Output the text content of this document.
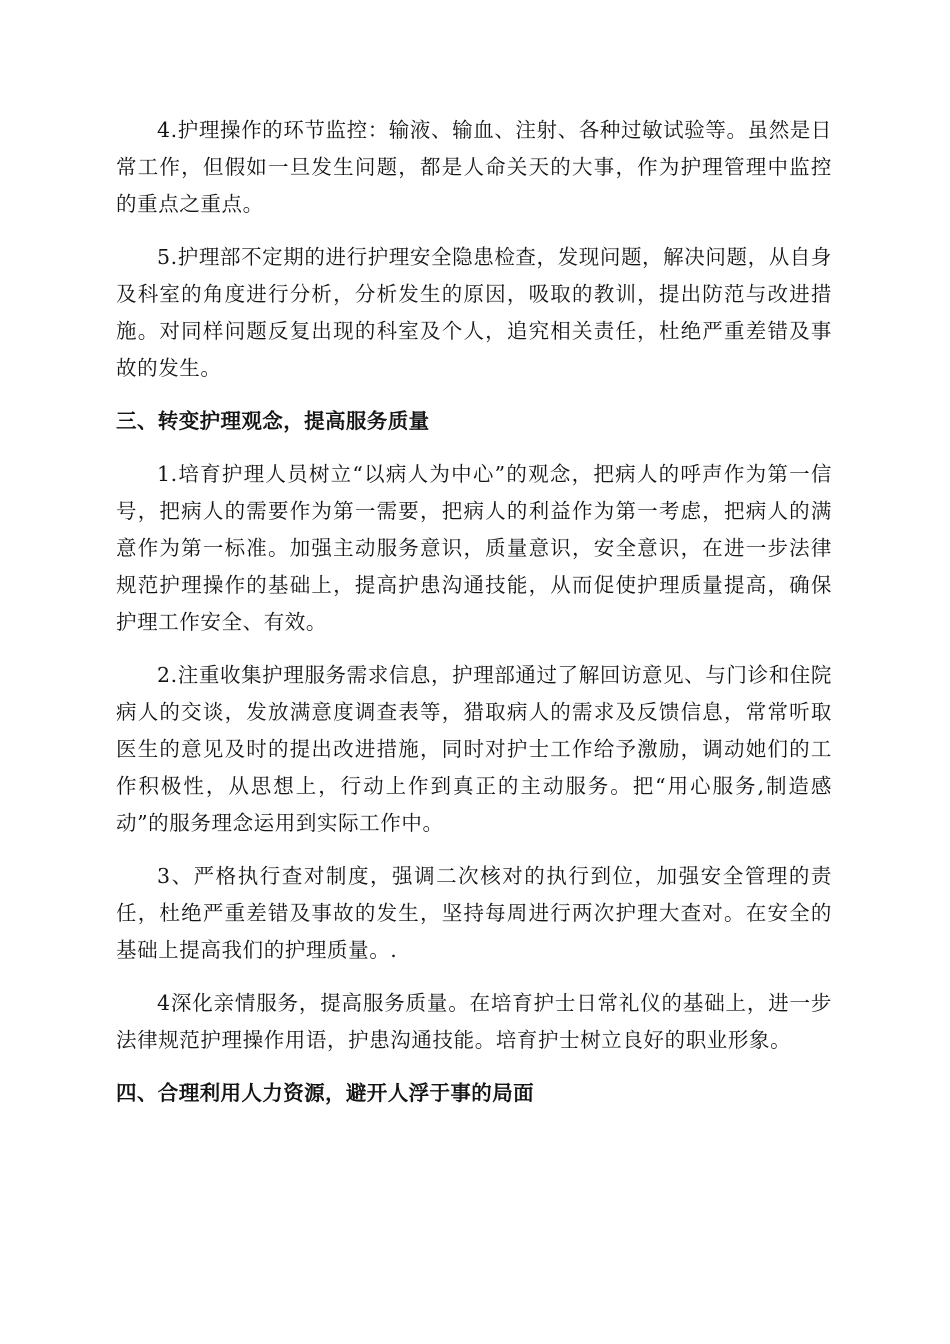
4.护理操作的环节监控：输液、输血、注射、各种过敏试验等。虽然是日常工作，但假如一旦发生问题，都是人命关天的大事，作为护理管理中监控的重点之重点。

5.护理部不定期的进行护理安全隐患检查，发现问题，解决问题，从自身及科室的角度进行分析，分析发生的原因，吸取的教训，提出防范与改进措施。对同样问题反复出现的科室及个人，追究相关责任，杜绝严重差错及事故的发生。

三、转变护理观念，提高服务质量

1.培育护理人员树立“以病人为中心”的观念，把病人的呼声作为第一信号，把病人的需要作为第一需要，把病人的利益作为第一考虑，把病人的满意作为第一标准。加强主动服务意识，质量意识，安全意识，在进一步法律规范护理操作的基础上，提高护患沟通技能，从而促使护理质量提高，确保护理工作安全、有效。

2.注重收集护理服务需求信息，护理部通过了解回访意见、与门诊和住院病人的交谈，发放满意度调查表等，猎取病人的需求及反馈信息，常常听取医生的意见及时的提出改进措施，同时对护士工作给予激励，调动她们的工作积极性，从思想上，行动上作到真正的主动服务。把“用心服务,制造感动”的服务理念运用到实际工作中。

3、严格执行查对制度，强调二次核对的执行到位，加强安全管理的责任，杜绝严重差错及事故的发生，坚持每周进行两次护理大查对。在安全的基础上提高我们的护理质量。.

4深化亲情服务，提高服务质量。在培育护士日常礼仪的基础上，进一步法律规范护理操作用语，护患沟通技能。培育护士树立良好的职业形象。

四、合理利用人力资源，避开人浮于事的局面
